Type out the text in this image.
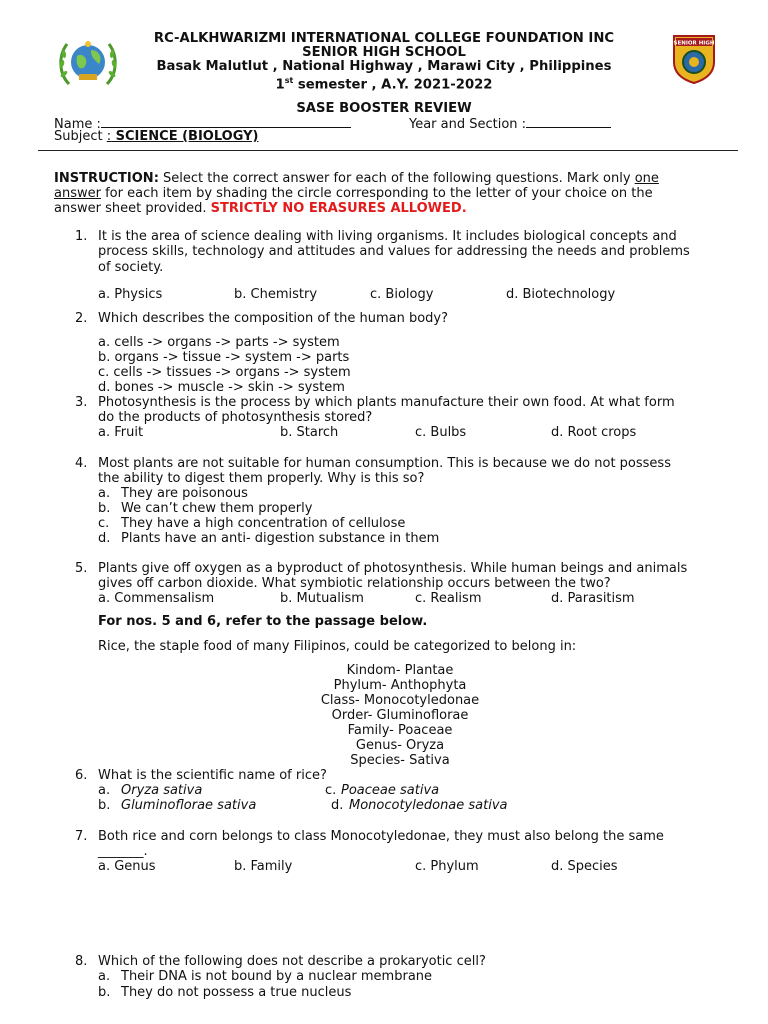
SENIOR HIGH
RC-ALKHWARIZMI INTERNATIONAL COLLEGE FOUNDATION INC
SENIOR HIGH SCHOOL
Basak Malutlut , National Highway , Marawi City , Philippines
1st semester , A.Y. 2021-2022
SASE BOOSTER REVIEW
Name :	Year and Section :
Subject : SCIENCE (BIOLOGY)
INSTRUCTION: Select the correct answer for each of the following questions. Mark only one
answer for each item by shading the circle corresponding to the letter of your choice on the
answer sheet provided. STRICTLY NO ERASURES ALLOWED.
1. It is the area of science dealing with living organisms. It includes biological concepts and
process skills, technology and attitudes and values for addressing the needs and problems
of society.
a. Physics	b. Chemistry	c. Biology	d. Biotechnology
2. Which describes the composition of the human body?
a. cells -> organs -> parts -> system
b. organs -> tissue -> system -> parts
c. cells -> tissues -> organs -> system
d. bones -> muscle -> skin -> system
3. Photosynthesis is the process by which plants manufacture their own food. At what form
do the products of photosynthesis stored?
a. Fruit	b. Starch	c. Bulbs	d. Root crops
4. Most plants are not suitable for human consumption. This is because we do not possess
the ability to digest them properly. Why is this so?
a. They are poisonous
b. We can’t chew them properly
c. They have a high concentration of cellulose
d. Plants have an anti- digestion substance in them
5. Plants give off oxygen as a byproduct of photosynthesis. While human beings and animals
gives off carbon dioxide. What symbiotic relationship occurs between the two?
a. Commensalism	b. Mutualism	c. Realism	d. Parasitism
For nos. 5 and 6, refer to the passage below.
Rice, the staple food of many Filipinos, could be categorized to belong in:
Kindom- Plantae
Phylum- Anthophyta
Class- Monocotyledonae
Order- Gluminoflorae
Family- Poaceae
Genus- Oryza
Species- Sativa
6. What is the scientific name of rice?
a. Oryza sativa	c. Poaceae sativa
b. Gluminoflorae sativa	d. Monocotyledonae sativa
7. Both rice and corn belongs to class Monocotyledonae, they must also belong the same
_______.
a. Genus	b. Family	c. Phylum	d. Species
8. Which of the following does not describe a prokaryotic cell?
a. Their DNA is not bound by a nuclear membrane
b. They do not possess a true nucleus
